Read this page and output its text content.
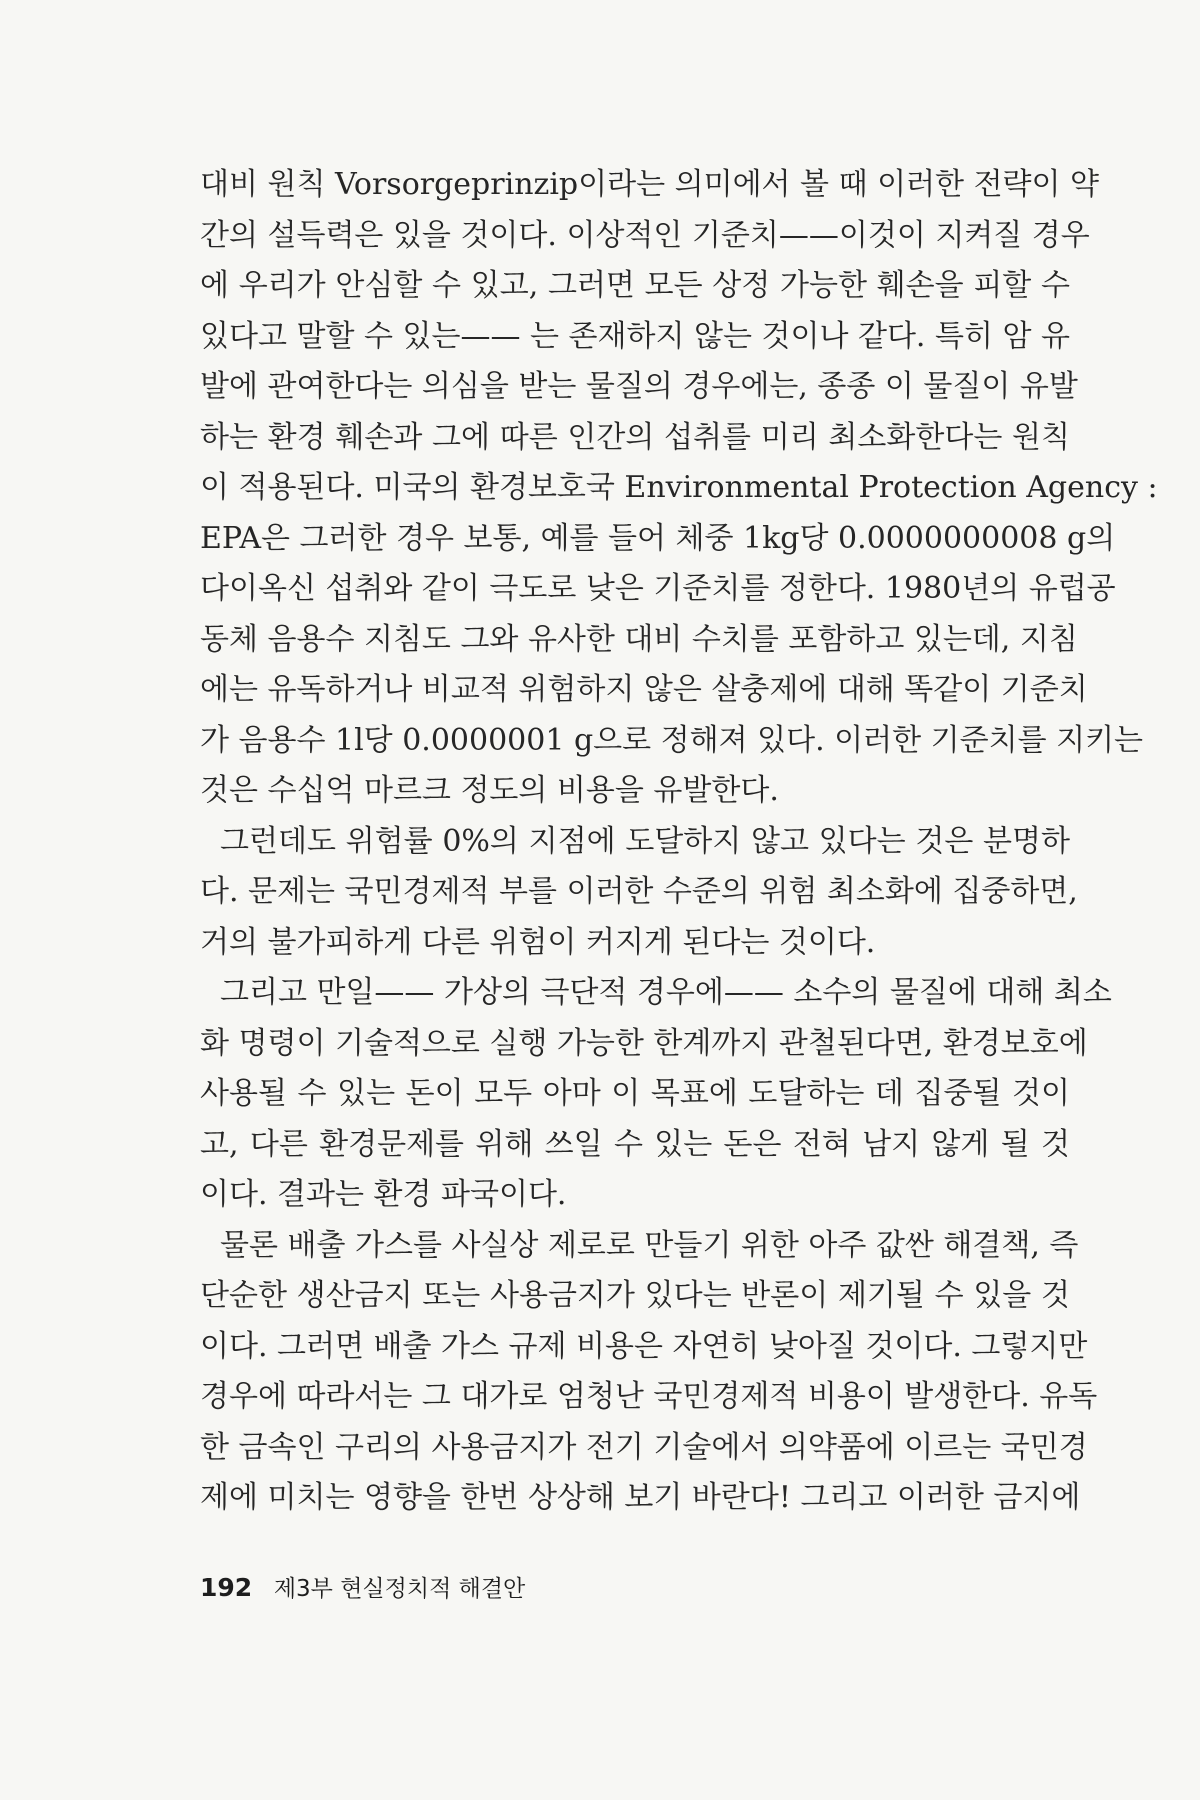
대비 원칙 Vorsorgeprinzip이라는 의미에서 볼 때 이러한 전략이 약
간의 설득력은 있을 것이다. 이상적인 기준치——이것이 지켜질 경우
에 우리가 안심할 수 있고, 그러면 모든 상정 가능한 훼손을 피할 수
있다고 말할 수 있는—— 는 존재하지 않는 것이나 같다. 특히 암 유
발에 관여한다는 의심을 받는 물질의 경우에는, 종종 이 물질이 유발
하는 환경 훼손과 그에 따른 인간의 섭취를 미리 최소화한다는 원칙
이 적용된다. 미국의 환경보호국 Environmental Protection Agency :
EPA은 그러한 경우 보통, 예를 들어 체중 1kg당 0.0000000008 g의
다이옥신 섭취와 같이 극도로 낮은 기준치를 정한다. 1980년의 유럽공
동체 음용수 지침도 그와 유사한 대비 수치를 포함하고 있는데, 지침
에는 유독하거나 비교적 위험하지 않은 살충제에 대해 똑같이 기준치
가 음용수 1l당 0.0000001 g으로 정해져 있다. 이러한 기준치를 지키는
것은 수십억 마르크 정도의 비용을 유발한다.
그런데도 위험률 0%의 지점에 도달하지 않고 있다는 것은 분명하
다. 문제는 국민경제적 부를 이러한 수준의 위험 최소화에 집중하면,
거의 불가피하게 다른 위험이 커지게 된다는 것이다.
그리고 만일—— 가상의 극단적 경우에—— 소수의 물질에 대해 최소
화 명령이 기술적으로 실행 가능한 한계까지 관철된다면, 환경보호에
사용될 수 있는 돈이 모두 아마 이 목표에 도달하는 데 집중될 것이
고, 다른 환경문제를 위해 쓰일 수 있는 돈은 전혀 남지 않게 될 것
이다. 결과는 환경 파국이다.
물론 배출 가스를 사실상 제로로 만들기 위한 아주 값싼 해결책, 즉
단순한 생산금지 또는 사용금지가 있다는 반론이 제기될 수 있을 것
이다. 그러면 배출 가스 규제 비용은 자연히 낮아질 것이다. 그렇지만
경우에 따라서는 그 대가로 엄청난 국민경제적 비용이 발생한다. 유독
한 금속인 구리의 사용금지가 전기 기술에서 의약품에 이르는 국민경
제에 미치는 영향을 한번 상상해 보기 바란다! 그리고 이러한 금지에
192 제3부 현실정치적 해결안
